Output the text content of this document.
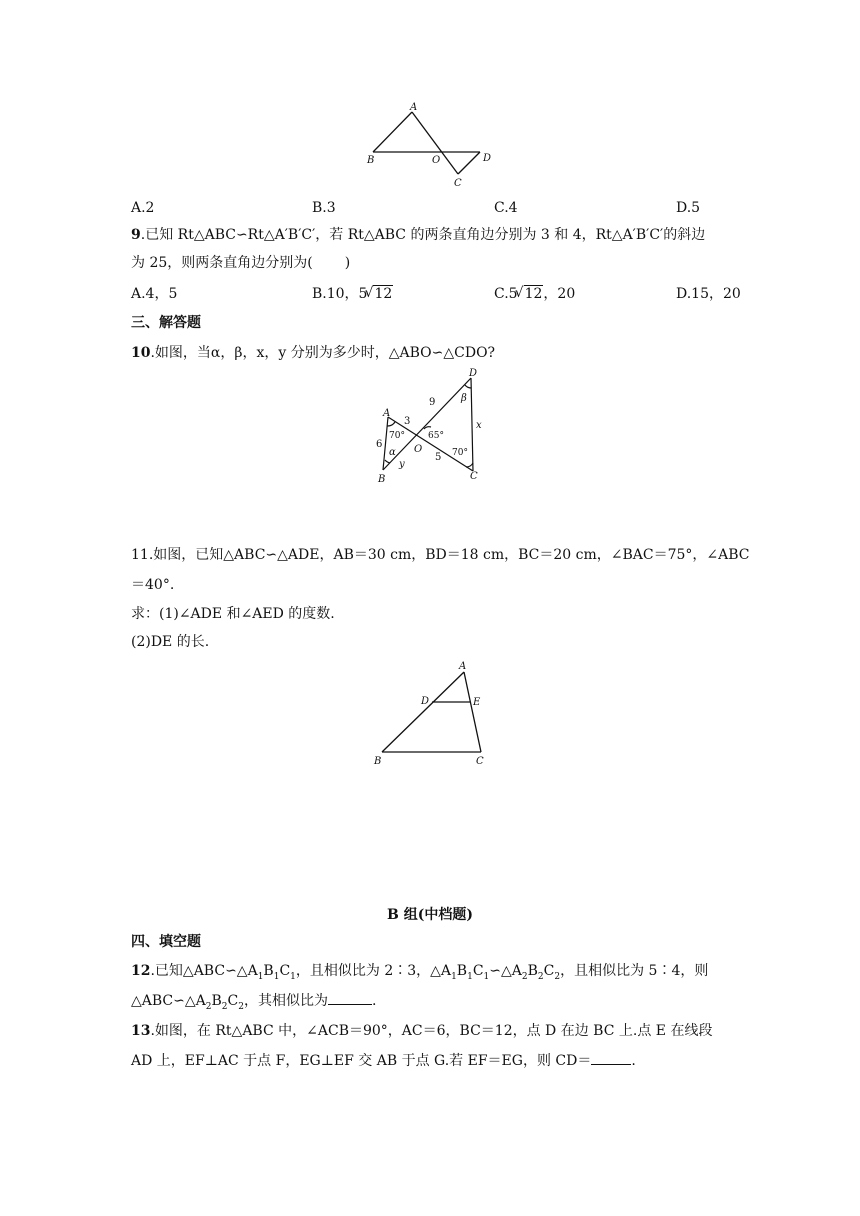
A
B	O
C
D
A.2	B.3	C.4	D.5
9.已知 Rt△ABC∽Rt△A′B′C′，若 Rt△ABC 的两条直角边分别为 3 和 4，Rt△A′B′C′的斜边
为 25，则两条直角边分别为( )
A.4，5	B.10，5 √ 12	C.5 √ 12，20	D.15，20
三、解答题
10.如图，当α，β，x，y 分别为多少时，△ABO∽△CDO?
D
9	β
A
3
70°	65°
x
6	O
α	5 70°
y
B	C
11.如图，已知△ABC∽△ADE，AB＝30 cm，BD＝18 cm，BC＝20 cm，∠BAC＝75°，∠ABC
＝40°.
求：(1)∠ADE 和∠AED 的度数.
(2)DE 的长.
A
D	E
B	C
B 组(中档题)
四、填空题
12.已知$\triangle ABC∽\triangle A_1B_1C_1$，且相似比为 2∶3，$\triangle A_1B_1C_1∽\triangle A_2B_2C_2$，且相似比为 5∶4，则
$\triangle ABC∽\triangle A_2B_2C_2$，其相似比为	.
13.如图，在 Rt△ABC 中，∠ACB＝90°，AC＝6，BC＝12，点 D 在边 BC 上.点 E 在线段
AD 上，EF⊥AC 于点 F，EG⊥EF 交 AB 于点 G.若 EF＝EG，则 CD＝	.
